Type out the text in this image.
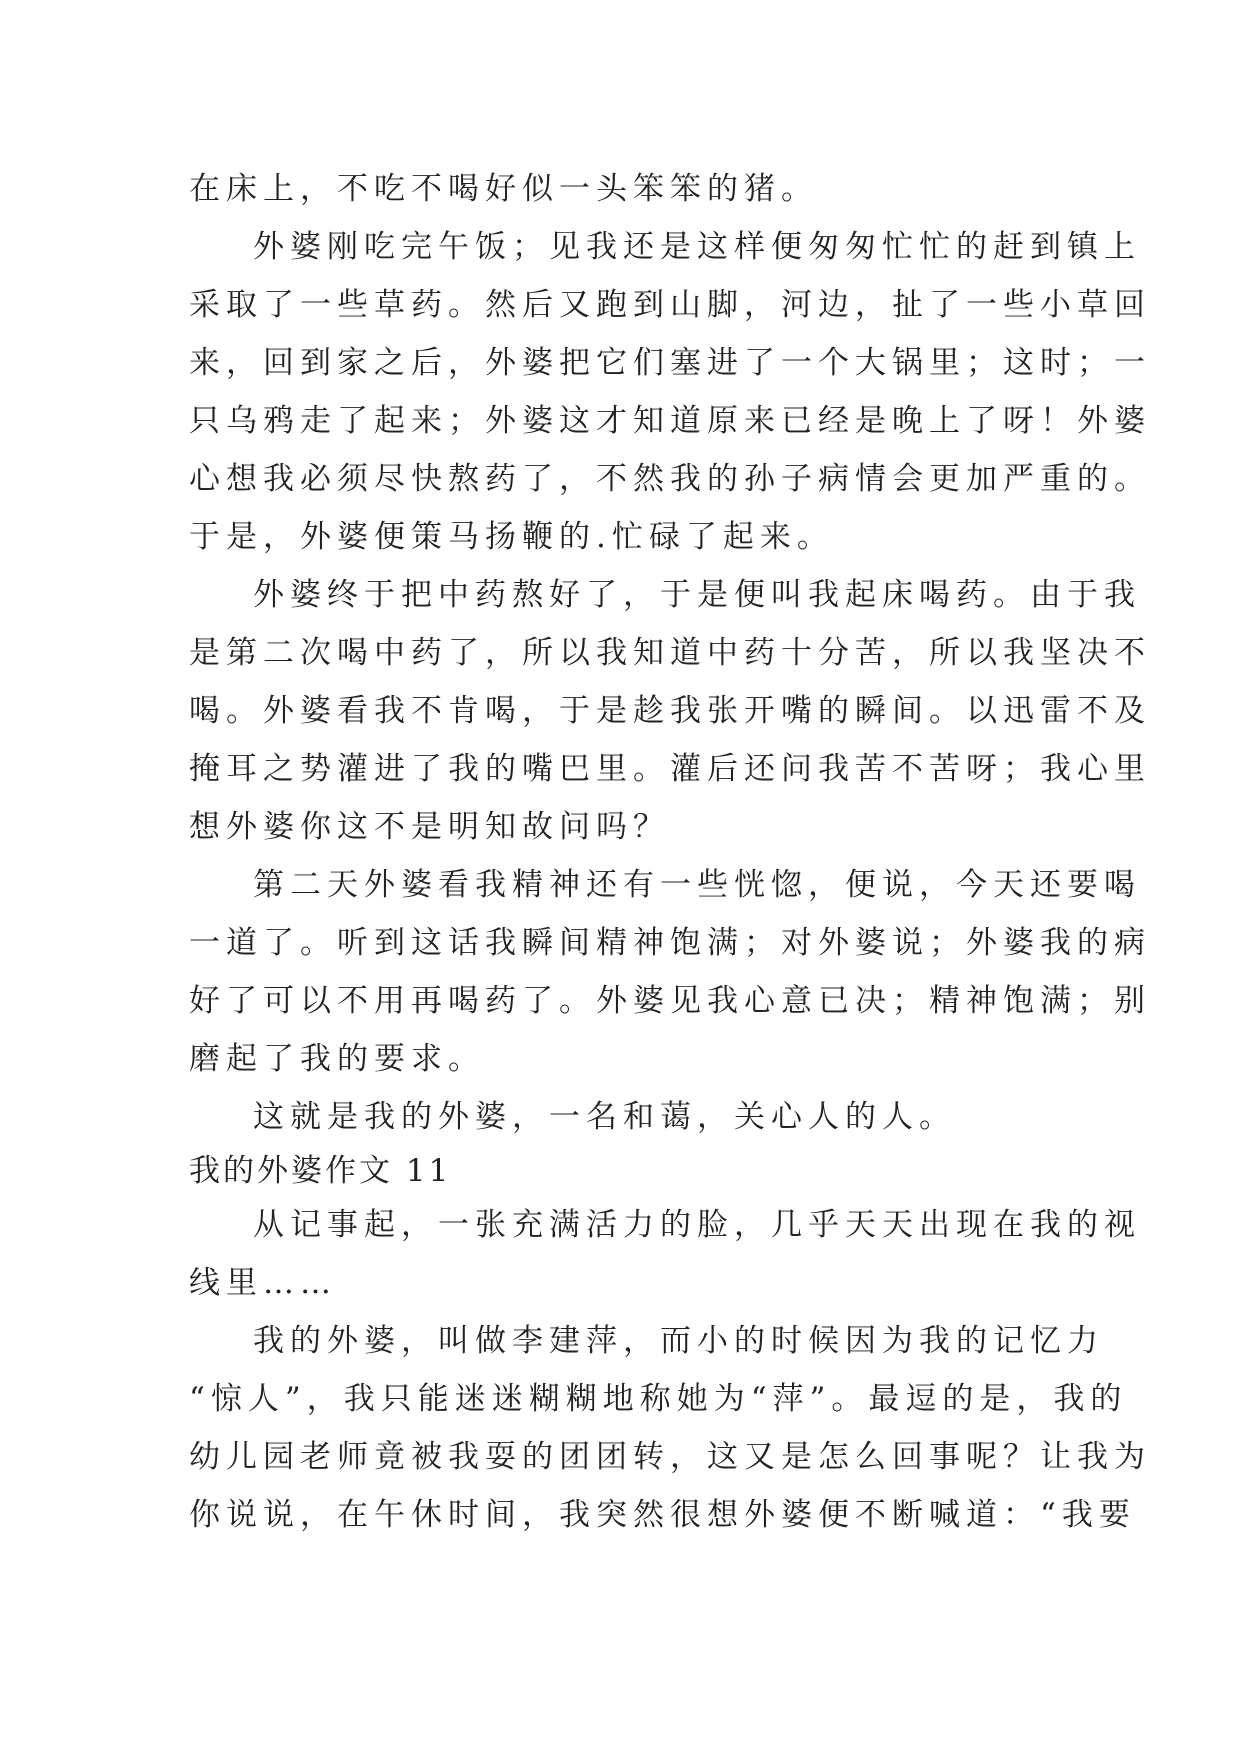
在床上，不吃不喝好似一头笨笨的猪。
外婆刚吃完午饭；见我还是这样便匆匆忙忙的赶到镇上
采取了一些草药。然后又跑到山脚，河边，扯了一些小草回
来，回到家之后，外婆把它们塞进了一个大锅里；这时；一
只乌鸦走了起来；外婆这才知道原来已经是晚上了呀！外婆
心想我必须尽快熬药了，不然我的孙子病情会更加严重的。
于是，外婆便策马扬鞭的.忙碌了起来。
外婆终于把中药熬好了，于是便叫我起床喝药。由于我
是第二次喝中药了，所以我知道中药十分苦，所以我坚决不
喝。外婆看我不肯喝，于是趁我张开嘴的瞬间。以迅雷不及
掩耳之势灌进了我的嘴巴里。灌后还问我苦不苦呀；我心里
想外婆你这不是明知故问吗？
第二天外婆看我精神还有一些恍惚，便说，今天还要喝
一道了。听到这话我瞬间精神饱满；对外婆说；外婆我的病
好了可以不用再喝药了。外婆见我心意已决；精神饱满；别
磨起了我的要求。
这就是我的外婆，一名和蔼，关心人的人。
我的外婆作文 11
从记事起，一张充满活力的脸，几乎天天出现在我的视
线里……
我的外婆，叫做李建萍，而小的时候因为我的记忆力
“惊人”，我只能迷迷糊糊地称她为“萍”。最逗的是，我的
幼儿园老师竟被我耍的团团转，这又是怎么回事呢？让我为
你说说，在午休时间，我突然很想外婆便不断喊道：“我要
